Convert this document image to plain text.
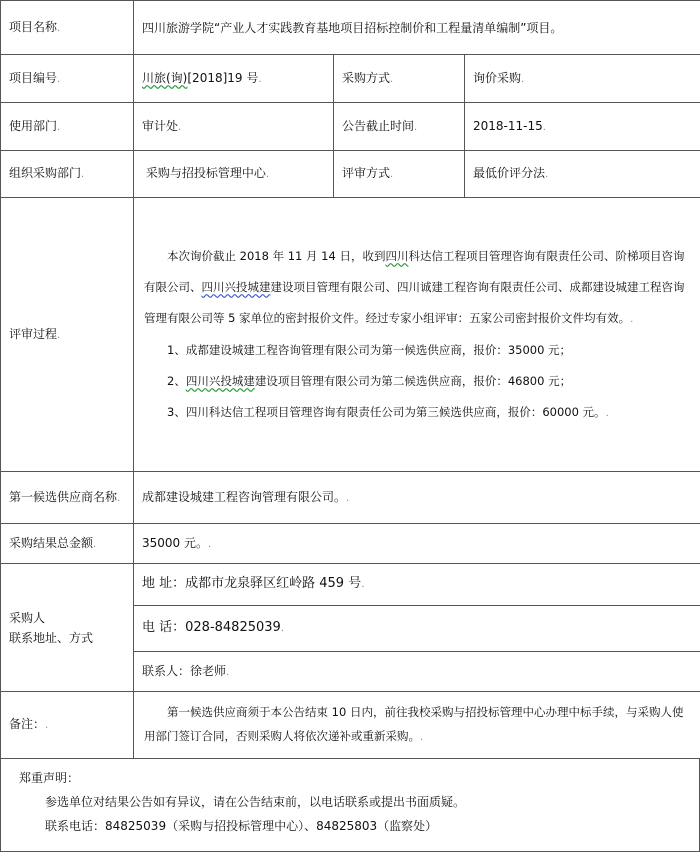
项目名称.	四川旅游学院“产业人才实践教育基地项目招标控制价和工程量清单编制”项目。		
项目编号.	川旅(询)[2018]19 号.	采购方式.	询价采购.
使用部门.	审计处.	公告截止时间.	2018-11-15.
组织采购部门.	采购与招投标管理中心.	评审方式.	最低价评分法.
评审过程.	本次询价截止 2018 年 11 月 14 日，收到四川科达信工程项目管理咨询有限责任公司、阶梯项目咨询有限公司、四川兴投城建建设项目管理有限公司、四川诚建工程咨询有限责任公司、成都建设城建工程咨询管理有限公司等 5 家单位的密封报价文件。经过专家小组评审：五家公司密封报价文件均有效。.
1、成都建设城建工程咨询管理有限公司为第一候选供应商，报价：35000 元；
2、四川兴投城建建设项目管理有限公司为第二候选供应商，报价：46800 元；
3、四川科达信工程项目管理咨询有限责任公司为第三候选供应商，报价：60000 元。.		

第一候选供应商名称.	成都建设城建工程咨询管理有限公司。.		
采购结果总金额.	35000 元。.		

采购人
联系地址、方式	地 址：成都市龙泉驿区红岭路 459 号.		
	电 话：028-84825039.		
	联系人：徐老师.		
备注：.	第一候选供应商须于本公告结束 10 日内，前往我校采购与招投标管理中心办理中标手续，与采购人使用部门签订合同，否则采购人将依次递补或重新采购。.		
郑重声明：
参选单位对结果公告如有异议，请在公告结束前，以电话联系或提出书面质疑。
联系电话：84825039（采购与招投标管理中心）、84825803（监察处）
